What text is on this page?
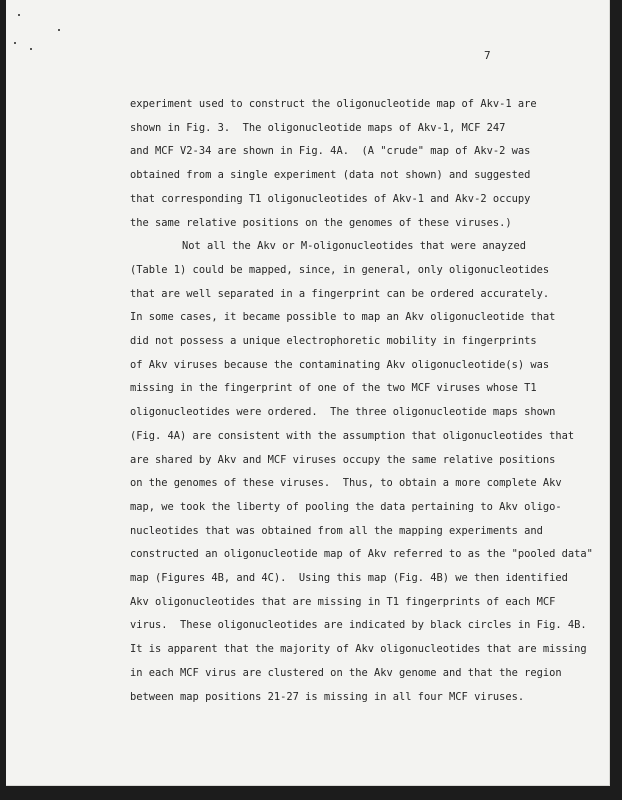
7
experiment used to construct the oligonucleotide map of Akv-1 are
shown in Fig. 3.  The oligonucleotide maps of Akv-1, MCF 247
and MCF V2-34 are shown in Fig. 4A.  (A "crude" map of Akv-2 was
obtained from a single experiment (data not shown) and suggested
that corresponding T1 oligonucleotides of Akv-1 and Akv-2 occupy
the same relative positions on the genomes of these viruses.)
Not all the Akv or M-oligonucleotides that were anayzed
(Table 1) could be mapped, since, in general, only oligonucleotides
that are well separated in a fingerprint can be ordered accurately.
In some cases, it became possible to map an Akv oligonucleotide that
did not possess a unique electrophoretic mobility in fingerprints
of Akv viruses because the contaminating Akv oligonucleotide(s) was
missing in the fingerprint of one of the two MCF viruses whose T1
oligonucleotides were ordered.  The three oligonucleotide maps shown
(Fig. 4A) are consistent with the assumption that oligonucleotides that
are shared by Akv and MCF viruses occupy the same relative positions
on the genomes of these viruses.  Thus, to obtain a more complete Akv
map, we took the liberty of pooling the data pertaining to Akv oligo-
nucleotides that was obtained from all the mapping experiments and
constructed an oligonucleotide map of Akv referred to as the "pooled data"
map (Figures 4B, and 4C).  Using this map (Fig. 4B) we then identified
Akv oligonucleotides that are missing in T1 fingerprints of each MCF
virus.  These oligonucleotides are indicated by black circles in Fig. 4B.
It is apparent that the majority of Akv oligonucleotides that are missing
in each MCF virus are clustered on the Akv genome and that the region
between map positions 21-27 is missing in all four MCF viruses.
